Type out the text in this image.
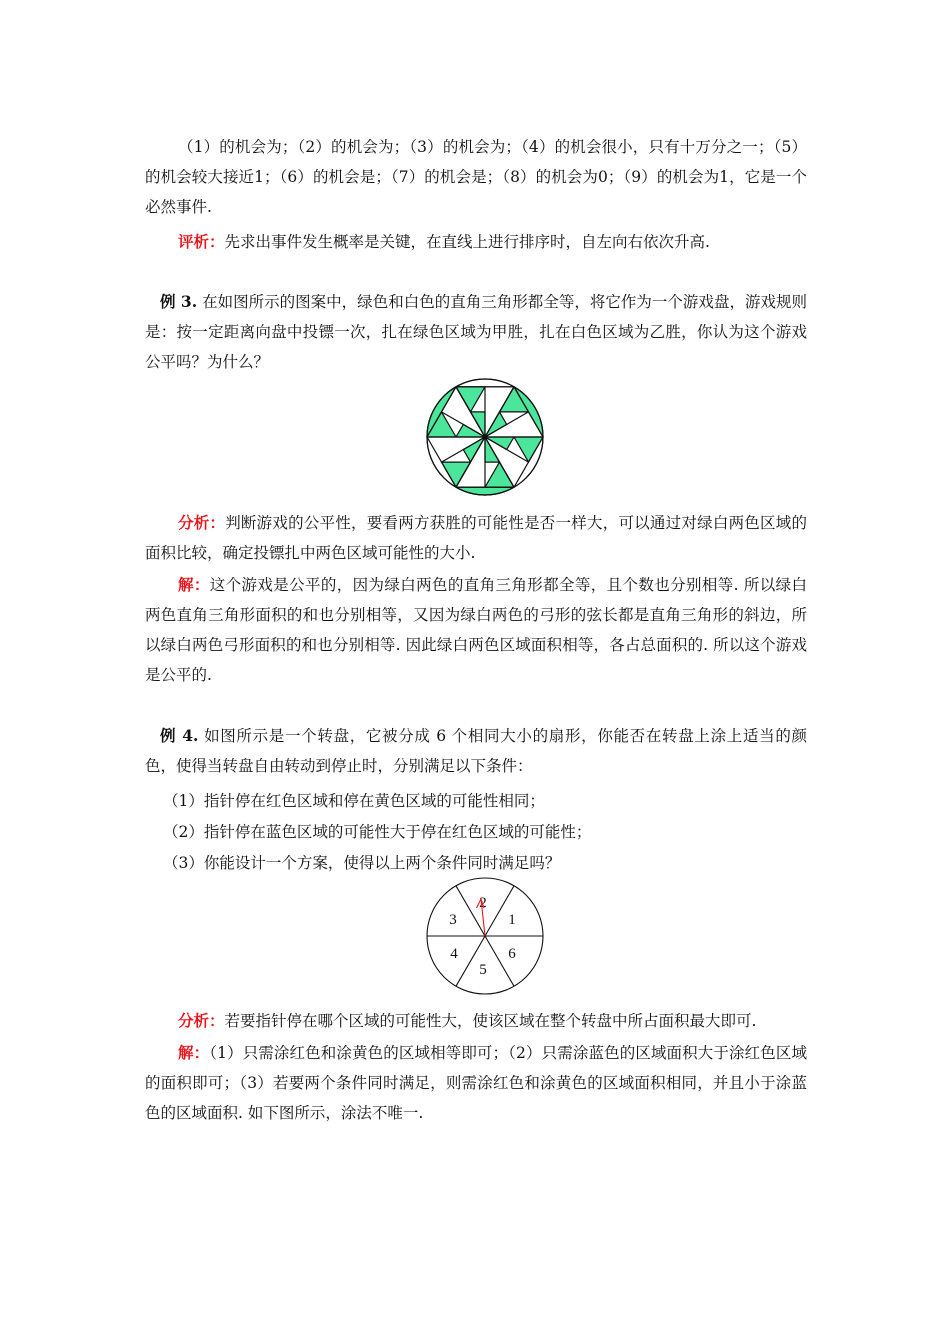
（1）的机会为；（2）的机会为；（3）的机会为；（4）的机会很小，只有十万分之一；（5）的机会较大接近1；（6）的机会是；（7）的机会是；（8）的机会为0；（9）的机会为1，它是一个必然事件.

评析：先求出事件发生概率是关键，在直线上进行排序时，自左向右依次升高.

例 3. 在如图所示的图案中，绿色和白色的直角三角形都全等，将它作为一个游戏盘，游戏规则是：按一定距离向盘中投镖一次，扎在绿色区域为甲胜，扎在白色区域为乙胜，你认为这个游戏公平吗？为什么？

分析：判断游戏的公平性，要看两方获胜的可能性是否一样大，可以通过对绿白两色区域的面积比较，确定投镖扎中两色区域可能性的大小.

解：这个游戏是公平的，因为绿白两色的直角三角形都全等，且个数也分别相等. 所以绿白两色直角三角形面积的和也分别相等，又因为绿白两色的弓形的弦长都是直角三角形的斜边，所以绿白两色弓形面积的和也分别相等. 因此绿白两色区域面积相等，各占总面积的. 所以这个游戏是公平的.

例 4. 如图所示是一个转盘，它被分成 6 个相同大小的扇形，你能否在转盘上涂上适当的颜色，使得当转盘自由转动到停止时，分别满足以下条件：

（1）指针停在红色区域和停在黄色区域的可能性相同；

（2）指针停在蓝色区域的可能性大于停在红色区域的可能性；

（3）你能设计一个方案，使得以上两个条件同时满足吗？

1
2
3
4
5
6

分析：若要指针停在哪个区域的可能性大，使该区域在整个转盘中所占面积最大即可.

解：（1）只需涂红色和涂黄色的区域相等即可；（2）只需涂蓝色的区域面积大于涂红色区域的面积即可；（3）若要两个条件同时满足，则需涂红色和涂黄色的区域面积相同，并且小于涂蓝色的区域面积. 如下图所示，涂法不唯一.
